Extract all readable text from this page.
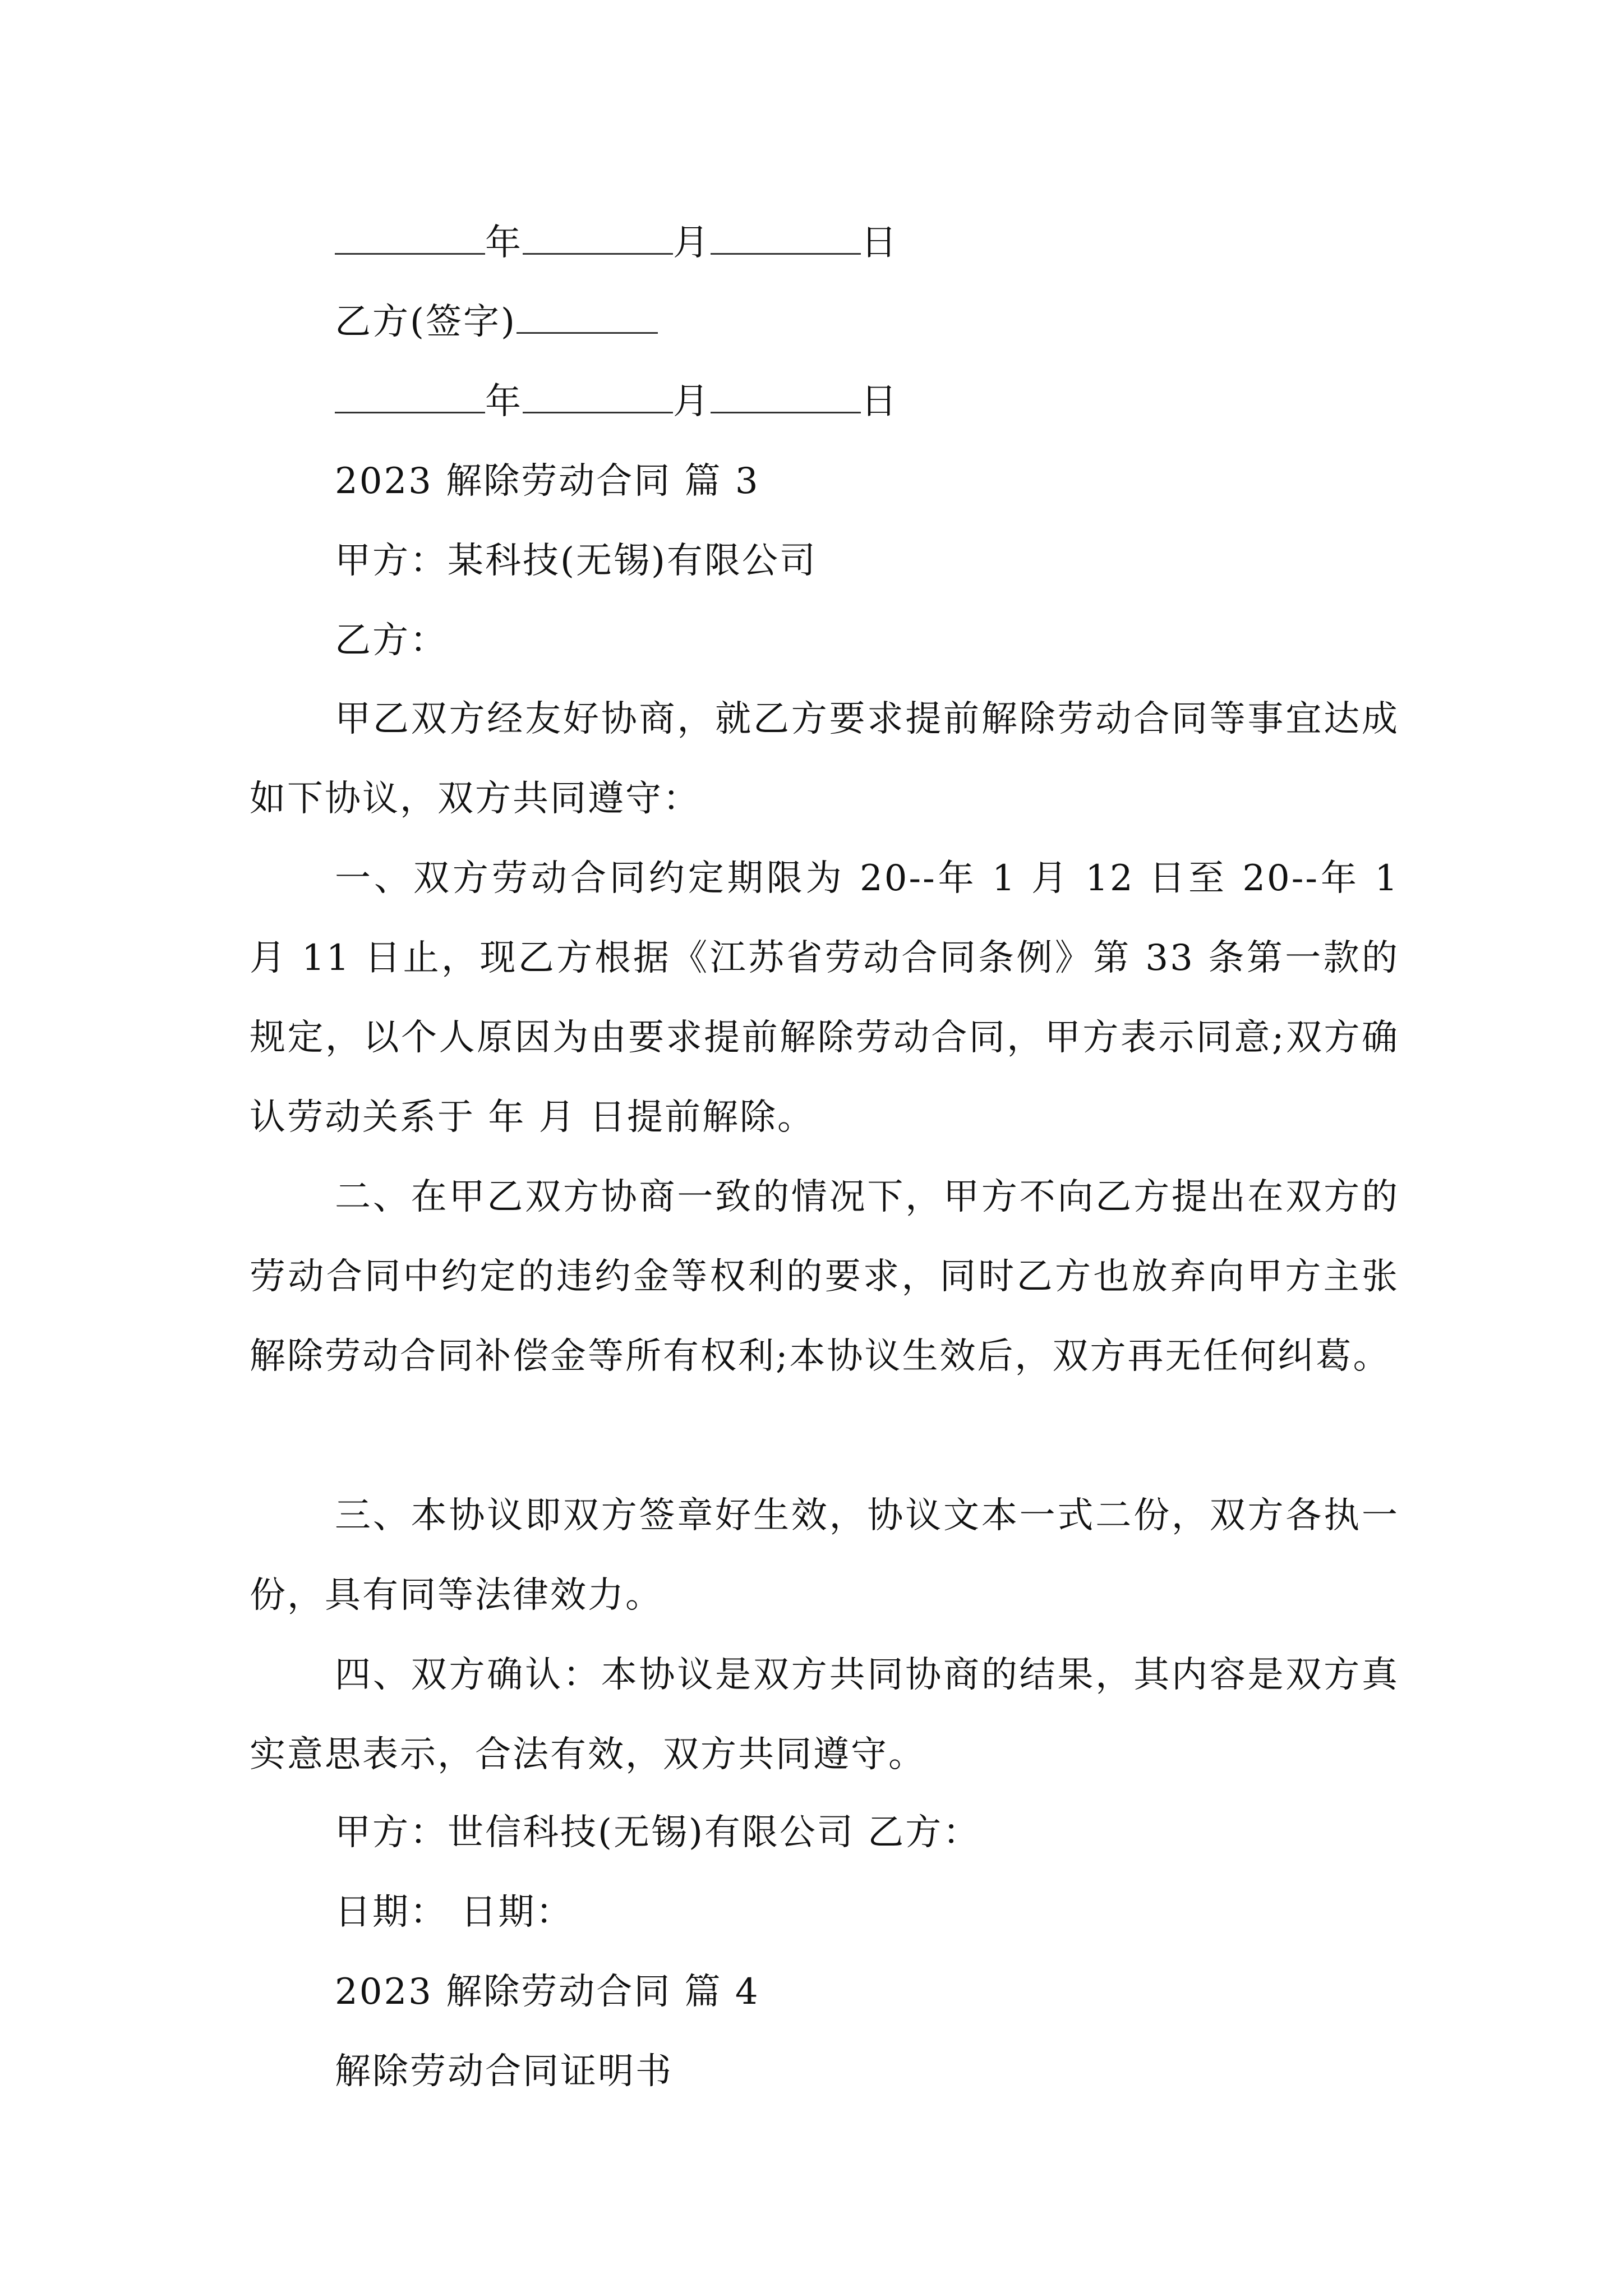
年	月	日
乙方(签字)
年	月	日
2023 解除劳动合同 篇 3
甲方：某科技(无锡)有限公司
乙方：
甲乙双方经友好协商，就乙方要求提前解除劳动合同等事宜达成如下协议，双方共同遵守：
一、双方劳动合同约定期限为 20--年 1 月 12 日至 20--年 1 月 11 日止，现乙方根据《江苏省劳动合同条例》第 33 条第一款的规定，以个人原因为由要求提前解除劳动合同，甲方表示同意;双方确认劳动关系于 年 月 日提前解除。
二、在甲乙双方协商一致的情况下，甲方不向乙方提出在双方的劳动合同中约定的违约金等权利的要求，同时乙方也放弃向甲方主张解除劳动合同补偿金等所有权利;本协议生效后，双方再无任何纠葛。
三、本协议即双方签章好生效，协议文本一式二份，双方各执一份，具有同等法律效力。
四、双方确认：本协议是双方共同协商的结果，其内容是双方真实意思表示，合法有效，双方共同遵守。
甲方：世信科技(无锡)有限公司 乙方：
日期： 日期：
2023 解除劳动合同 篇 4
解除劳动合同证明书
